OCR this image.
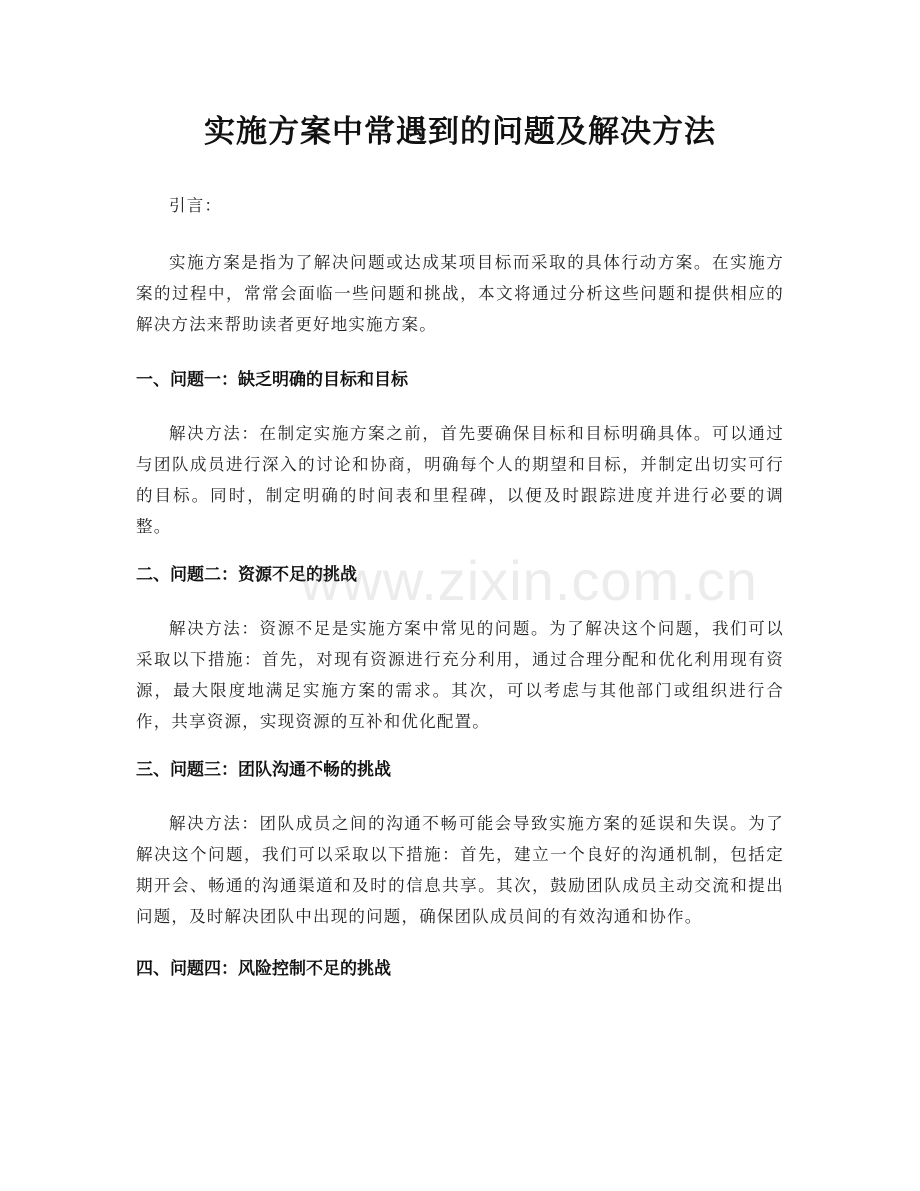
实施方案中常遇到的问题及解决方法

引言：

实施方案是指为了解决问题或达成某项目标而采取的具体行动方案。在实施方案的过程中，常常会面临一些问题和挑战，本文将通过分析这些问题和提供相应的解决方法来帮助读者更好地实施方案。

一、问题一：缺乏明确的目标和目标

解决方法：在制定实施方案之前，首先要确保目标和目标明确具体。可以通过与团队成员进行深入的讨论和协商，明确每个人的期望和目标，并制定出切实可行的目标。同时，制定明确的时间表和里程碑，以便及时跟踪进度并进行必要的调整。

二、问题二：资源不足的挑战

解决方法：资源不足是实施方案中常见的问题。为了解决这个问题，我们可以采取以下措施：首先，对现有资源进行充分利用，通过合理分配和优化利用现有资源，最大限度地满足实施方案的需求。其次，可以考虑与其他部门或组织进行合作，共享资源，实现资源的互补和优化配置。

三、问题三：团队沟通不畅的挑战

解决方法：团队成员之间的沟通不畅可能会导致实施方案的延误和失误。为了解决这个问题，我们可以采取以下措施：首先，建立一个良好的沟通机制，包括定期开会、畅通的沟通渠道和及时的信息共享。其次，鼓励团队成员主动交流和提出问题，及时解决团队中出现的问题，确保团队成员间的有效沟通和协作。

四、问题四：风险控制不足的挑战
www.zixin.com.cn
